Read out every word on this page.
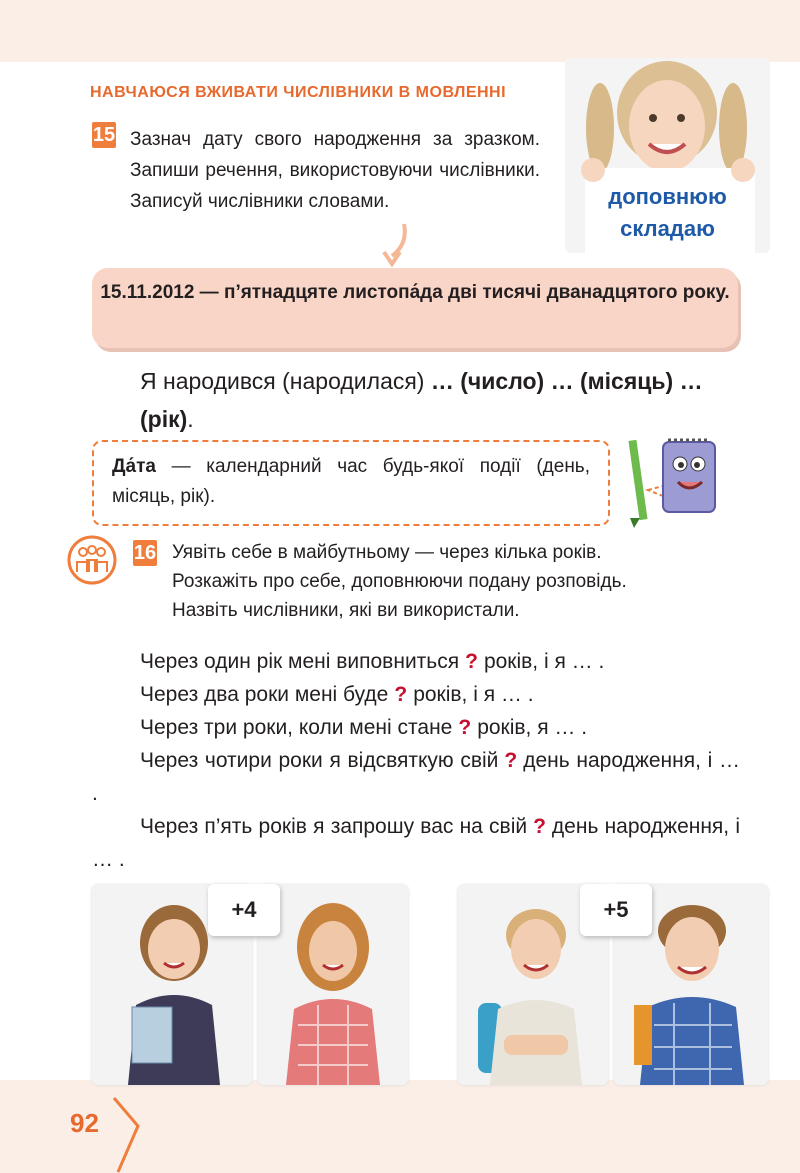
НАВЧАЮСЯ ВЖИВАТИ ЧИСЛІВНИКИ В МОВЛЕННІ
15 Зазнач дату свого народження за зразком. Запиши речення, використовуючи числівники. Записуй числівники словами.	доповнюю
складаю
15.11.2012 — п’ятнадцяте листопа́да дві тисячі дванадцятого року.
Я народився (народилася) … (число) … (місяць) … (рік).
Да́та — календарний час будь-якої події (день, місяць, рік).
16 Уявіть себе в майбутньому — через кілька років.
Розкажіть про себе, доповнюючи подану розповідь.
Назвіть числівники, які ви використали.

Через один рік мені виповниться ? років, і я … .

Через два роки мені буде ? років, і я … .

Через три роки, коли мені стане ? років, я … .

Через чотири роки я відсвяткую свій ? день народження, і … .

Через п’ять років я запрошу вас на свій ? день народження, і … .

+4	+5
92
